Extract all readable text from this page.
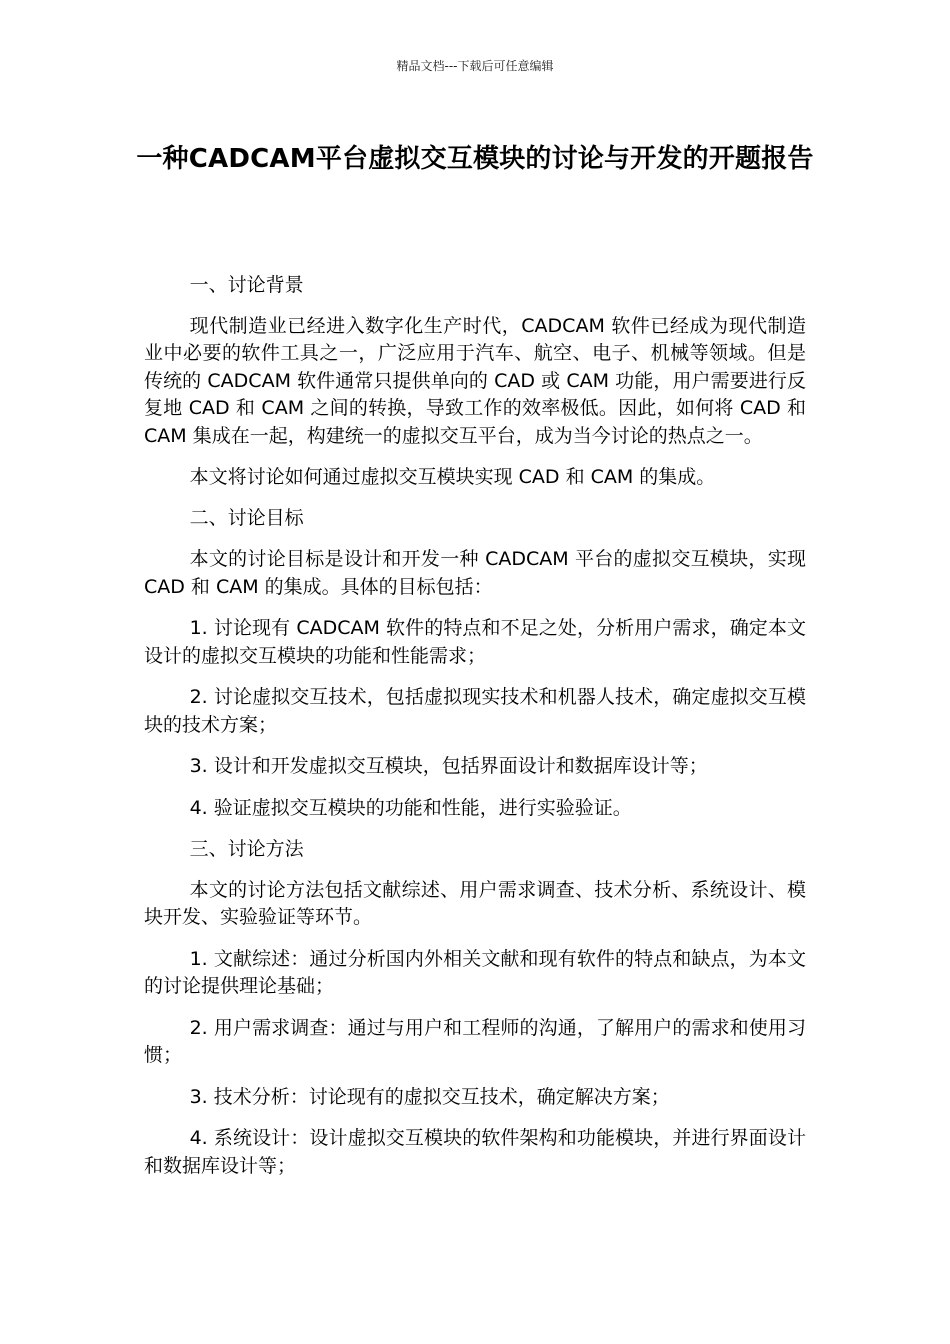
精品文档---下载后可任意编辑
一种CADCAM平台虚拟交互模块的讨论与开发的开题报告

一、讨论背景

现代制造业已经进入数字化生产时代，CADCAM 软件已经成为现代制造业中必要的软件工具之一，广泛应用于汽车、航空、电子、机械等领域。但是传统的 CADCAM 软件通常只提供单向的 CAD 或 CAM 功能，用户需要进行反复地 CAD 和 CAM 之间的转换，导致工作的效率极低。因此，如何将 CAD 和 CAM 集成在一起，构建统一的虚拟交互平台，成为当今讨论的热点之一。

本文将讨论如何通过虚拟交互模块实现 CAD 和 CAM 的集成。

二、讨论目标

本文的讨论目标是设计和开发一种 CADCAM 平台的虚拟交互模块，实现 CAD 和 CAM 的集成。具体的目标包括：

1. 讨论现有 CADCAM 软件的特点和不足之处，分析用户需求，确定本文设计的虚拟交互模块的功能和性能需求；

2. 讨论虚拟交互技术，包括虚拟现实技术和机器人技术，确定虚拟交互模块的技术方案；

3. 设计和开发虚拟交互模块，包括界面设计和数据库设计等；

4. 验证虚拟交互模块的功能和性能，进行实验验证。

三、讨论方法

本文的讨论方法包括文献综述、用户需求调查、技术分析、系统设计、模块开发、实验验证等环节。

1. 文献综述：通过分析国内外相关文献和现有软件的特点和缺点，为本文的讨论提供理论基础；

2. 用户需求调查：通过与用户和工程师的沟通，了解用户的需求和使用习惯；

3. 技术分析：讨论现有的虚拟交互技术，确定解决方案；

4. 系统设计：设计虚拟交互模块的软件架构和功能模块，并进行界面设计和数据库设计等；
